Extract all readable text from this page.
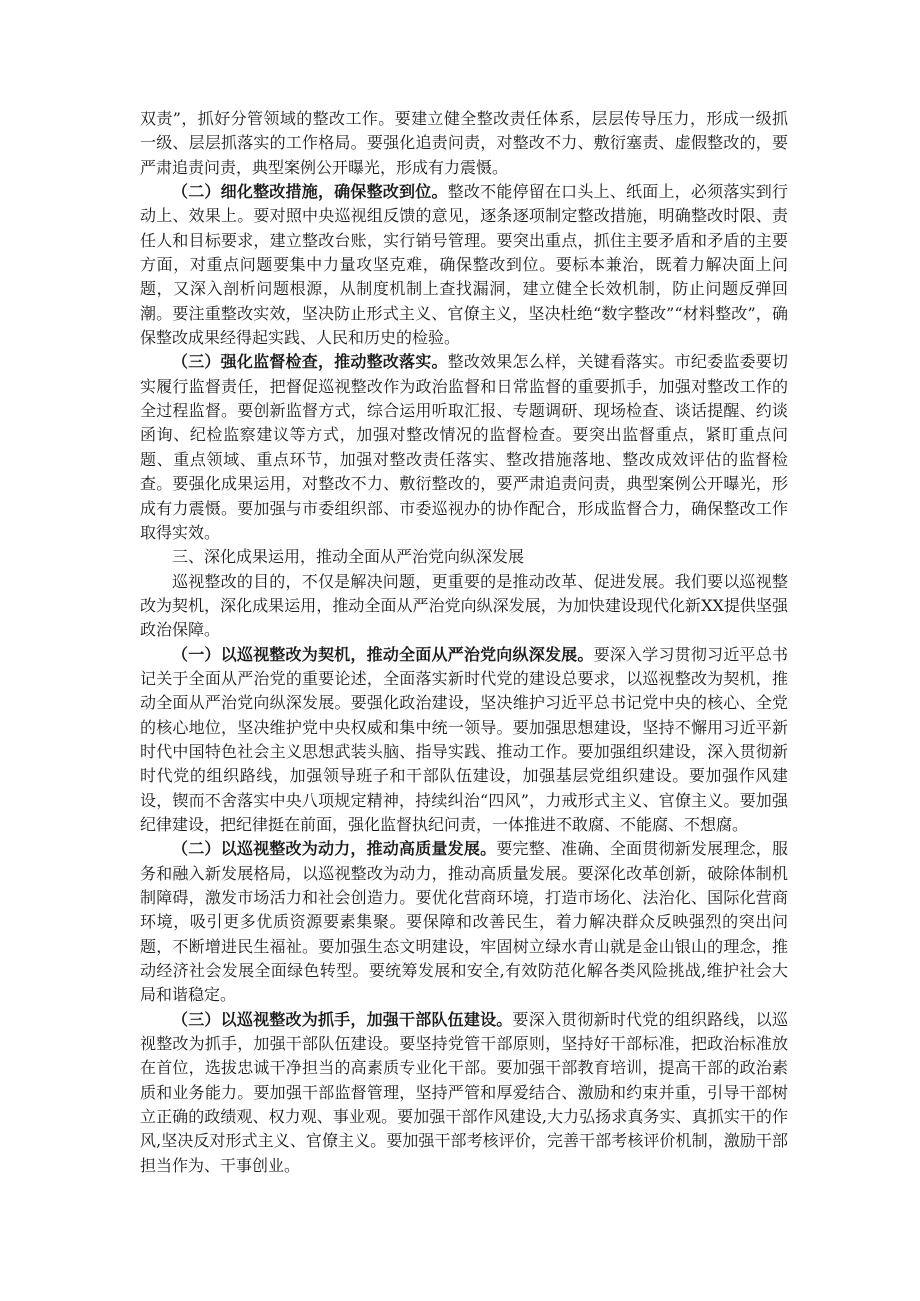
双责”，抓好分管领域的整改工作。要建立健全整改责任体系，层层传导压力，形成一级抓一级、层层抓落实的工作格局。要强化追责问责，对整改不力、敷衍塞责、虚假整改的，要严肃追责问责，典型案例公开曝光，形成有力震慑。

（二）细化整改措施，确保整改到位。整改不能停留在口头上、纸面上，必须落实到行动上、效果上。要对照中央巡视组反馈的意见，逐条逐项制定整改措施，明确整改时限、责任人和目标要求，建立整改台账，实行销号管理。要突出重点，抓住主要矛盾和矛盾的主要方面，对重点问题要集中力量攻坚克难，确保整改到位。要标本兼治，既着力解决面上问题，又深入剖析问题根源，从制度机制上查找漏洞，建立健全长效机制，防止问题反弹回潮。要注重整改实效，坚决防止形式主义、官僚主义，坚决杜绝“数字整改”“材料整改”，确保整改成果经得起实践、人民和历史的检验。

（三）强化监督检查，推动整改落实。整改效果怎么样，关键看落实。市纪委监委要切实履行监督责任，把督促巡视整改作为政治监督和日常监督的重要抓手，加强对整改工作的全过程监督。要创新监督方式，综合运用听取汇报、专题调研、现场检查、谈话提醒、约谈函询、纪检监察建议等方式，加强对整改情况的监督检查。要突出监督重点，紧盯重点问题、重点领域、重点环节，加强对整改责任落实、整改措施落地、整改成效评估的监督检查。要强化成果运用，对整改不力、敷衍整改的，要严肃追责问责，典型案例公开曝光，形成有力震慑。要加强与市委组织部、市委巡视办的协作配合，形成监督合力，确保整改工作取得实效。

三、深化成果运用，推动全面从严治党向纵深发展

巡视整改的目的，不仅是解决问题，更重要的是推动改革、促进发展。我们要以巡视整改为契机，深化成果运用，推动全面从严治党向纵深发展，为加快建设现代化新XX提供坚强政治保障。

（一）以巡视整改为契机，推动全面从严治党向纵深发展。要深入学习贯彻习近平总书记关于全面从严治党的重要论述，全面落实新时代党的建设总要求，以巡视整改为契机，推动全面从严治党向纵深发展。要强化政治建设，坚决维护习近平总书记党中央的核心、全党的核心地位，坚决维护党中央权威和集中统一领导。要加强思想建设，坚持不懈用习近平新时代中国特色社会主义思想武装头脑、指导实践、推动工作。要加强组织建设，深入贯彻新时代党的组织路线，加强领导班子和干部队伍建设，加强基层党组织建设。要加强作风建设，锲而不舍落实中央八项规定精神，持续纠治“四风”，力戒形式主义、官僚主义。要加强纪律建设，把纪律挺在前面，强化监督执纪问责，一体推进不敢腐、不能腐、不想腐。

（二）以巡视整改为动力，推动高质量发展。要完整、准确、全面贯彻新发展理念，服务和融入新发展格局，以巡视整改为动力，推动高质量发展。要深化改革创新，破除体制机制障碍，激发市场活力和社会创造力。要优化营商环境，打造市场化、法治化、国际化营商环境，吸引更多优质资源要素集聚。要保障和改善民生，着力解决群众反映强烈的突出问题，不断增进民生福祉。要加强生态文明建设，牢固树立绿水青山就是金山银山的理念，推动经济社会发展全面绿色转型。要统筹发展和安全,有效防范化解各类风险挑战,维护社会大局和谐稳定。

（三）以巡视整改为抓手，加强干部队伍建设。要深入贯彻新时代党的组织路线，以巡视整改为抓手，加强干部队伍建设。要坚持党管干部原则，坚持好干部标准，把政治标准放在首位，选拔忠诚干净担当的高素质专业化干部。要加强干部教育培训，提高干部的政治素质和业务能力。要加强干部监督管理，坚持严管和厚爱结合、激励和约束并重，引导干部树立正确的政绩观、权力观、事业观。要加强干部作风建设,大力弘扬求真务实、真抓实干的作风,坚决反对形式主义、官僚主义。要加强干部考核评价，完善干部考核评价机制，激励干部担当作为、干事创业。
